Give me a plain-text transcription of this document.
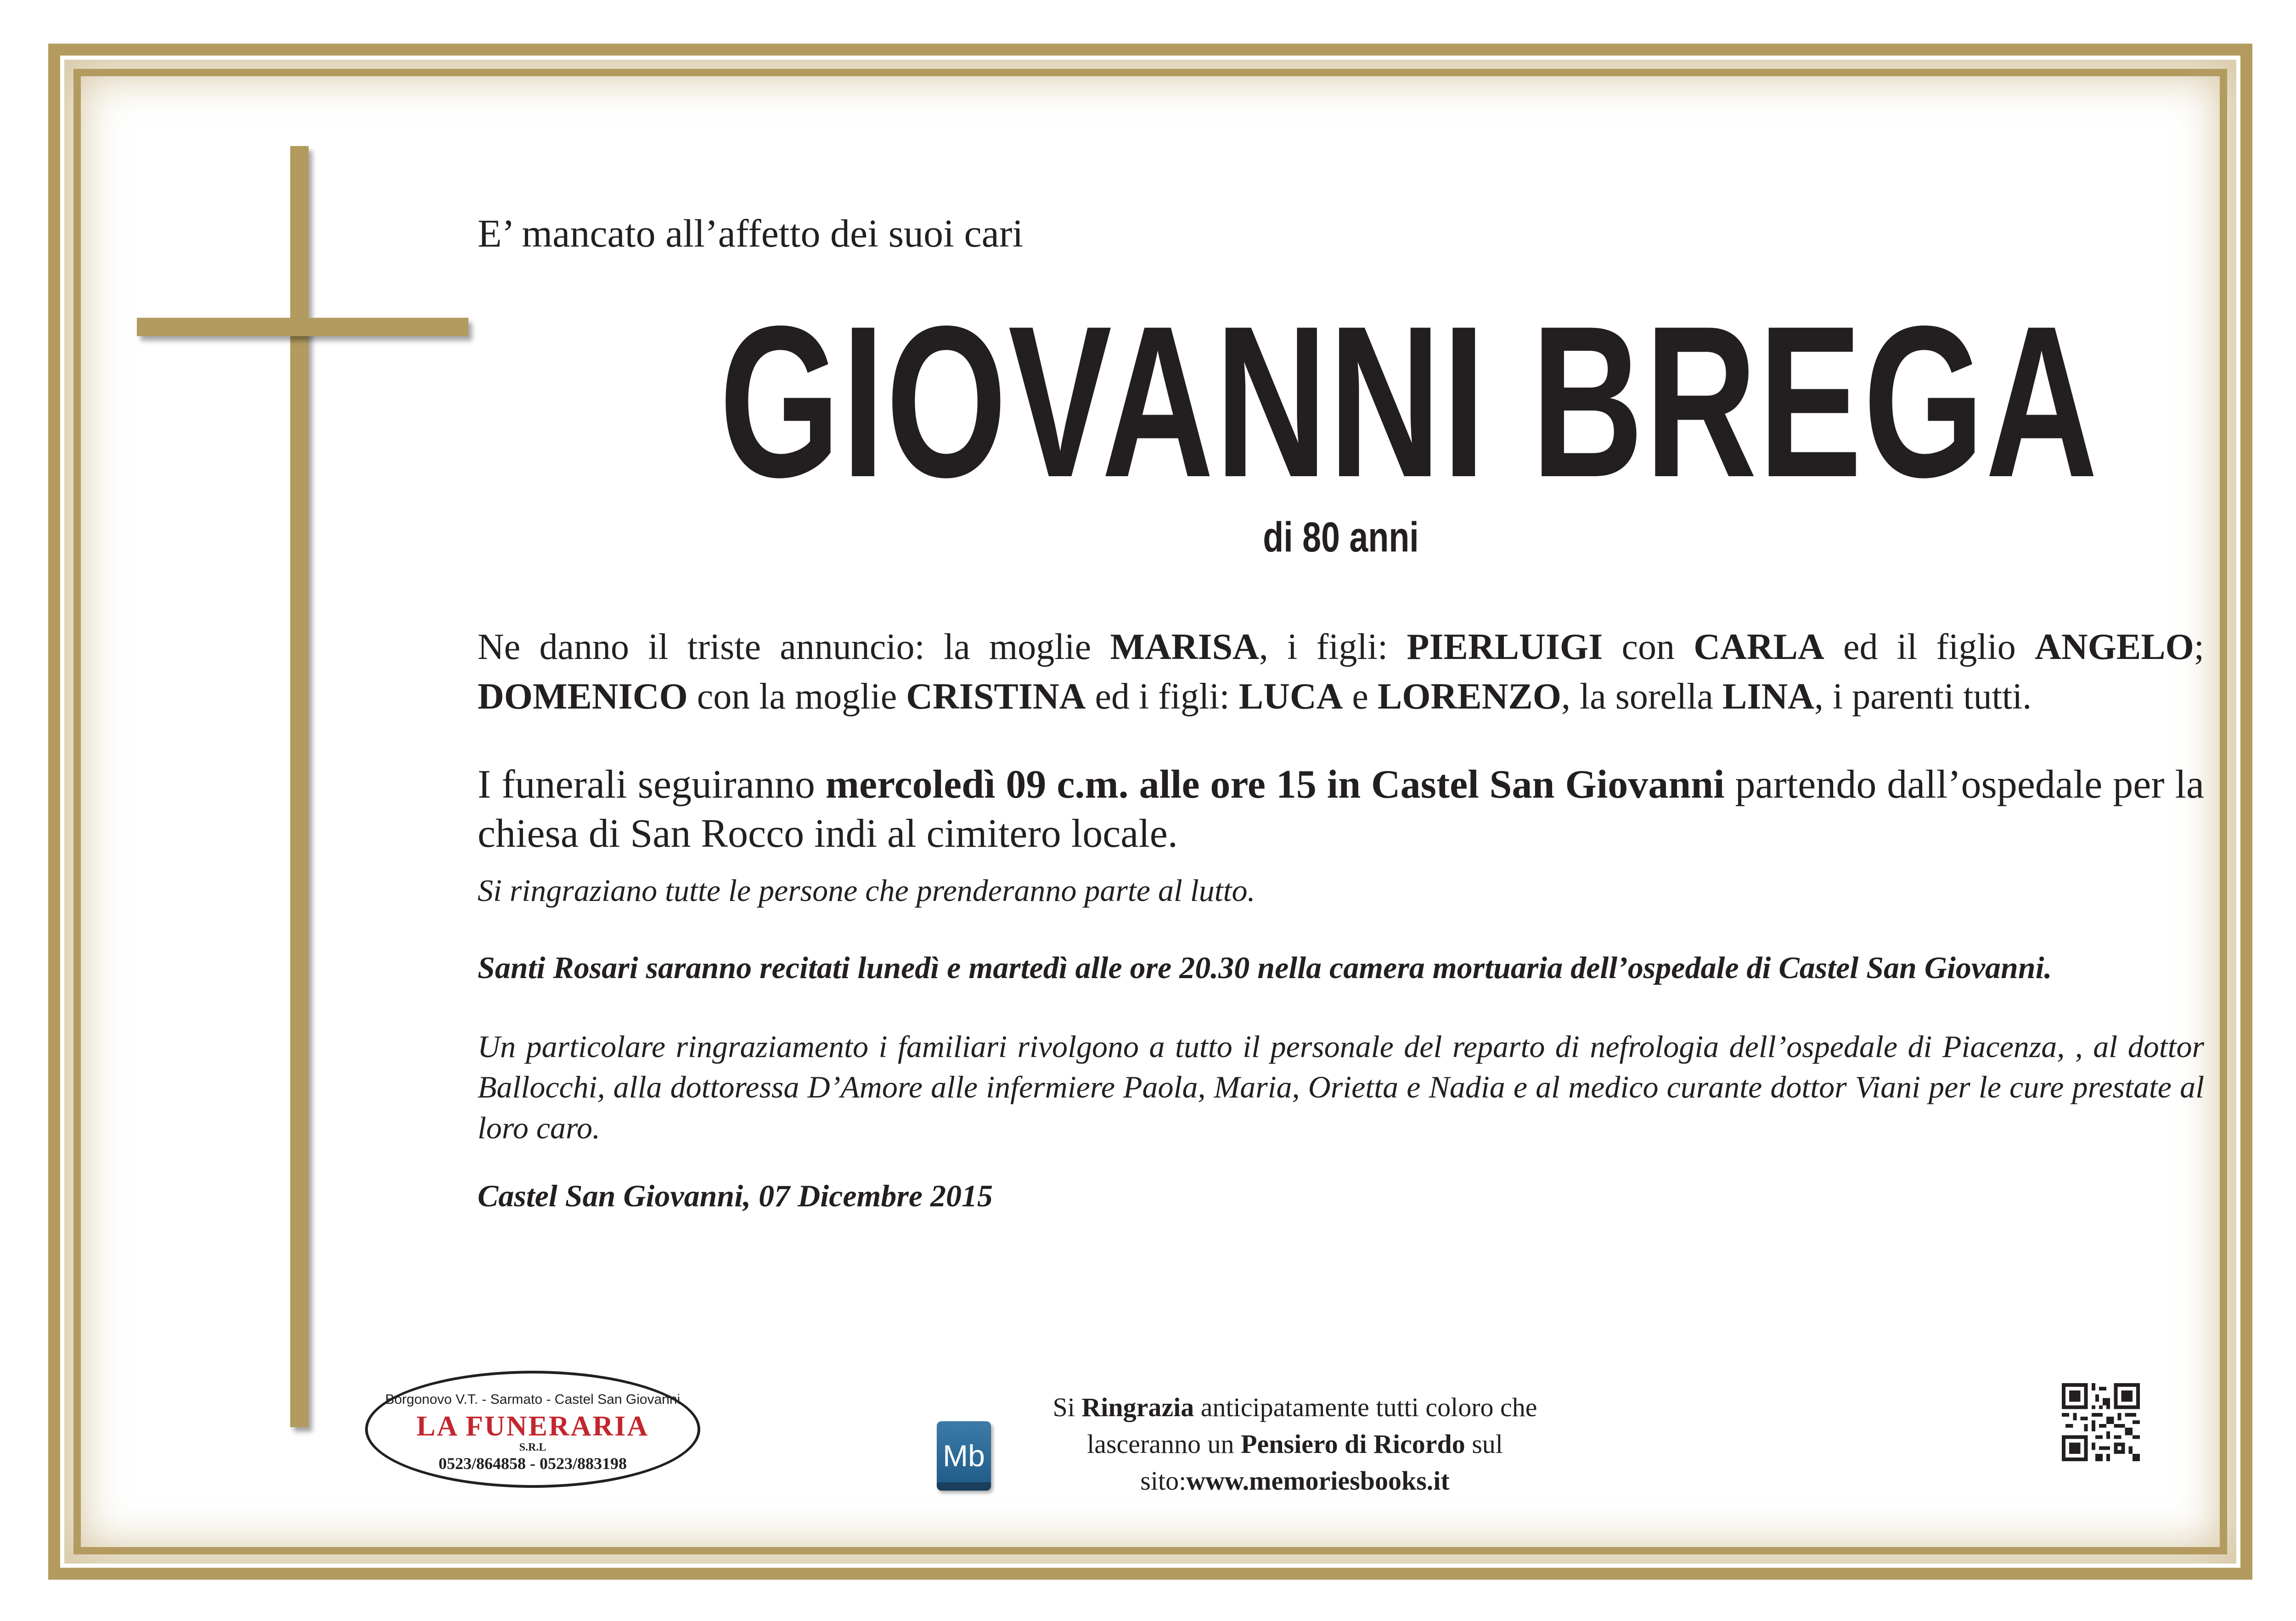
E’ mancato all’affetto dei suoi cari
GIOVANNI BREGA
di 80 anni
Ne danno il triste annuncio: la moglie MARISA, i figli: PIERLUIGI con CARLA ed il figlio ANGELO; DOMENICO con la moglie CRISTINA ed i figli: LUCA e LORENZO, la sorella LINA, i parenti tutti.
I funerali seguiranno mercoledì 09 c.m. alle ore 15 in Castel San Giovanni partendo dall’ospedale per la chiesa di San Rocco indi al cimitero locale.
Si ringraziano tutte le persone che prenderanno parte al lutto.
Santi Rosari saranno recitati lunedì e martedì alle ore 20.30 nella camera mortuaria dell’ospedale di Castel San Giovanni.
Un particolare ringraziamento i familiari rivolgono a tutto il personale del reparto di nefrologia dell’ospedale di Piacenza, , al dottor Ballocchi, alla dottoressa D’Amore alle infermiere Paola, Maria, Orietta e Nadia e al medico curante dottor Viani per le cure prestate al loro caro.
Castel San Giovanni, 07 Dicembre 2015
Borgonovo V.T. - Sarmato - Castel San Giovanni
LA FUNERARIA
S.R.L
0523/864858 - 0523/883198	Mb
Si Ringrazia anticipatamente tutti coloro che lasceranno un Pensiero di Ricordo sul sito:www.memoriesbooks.it
